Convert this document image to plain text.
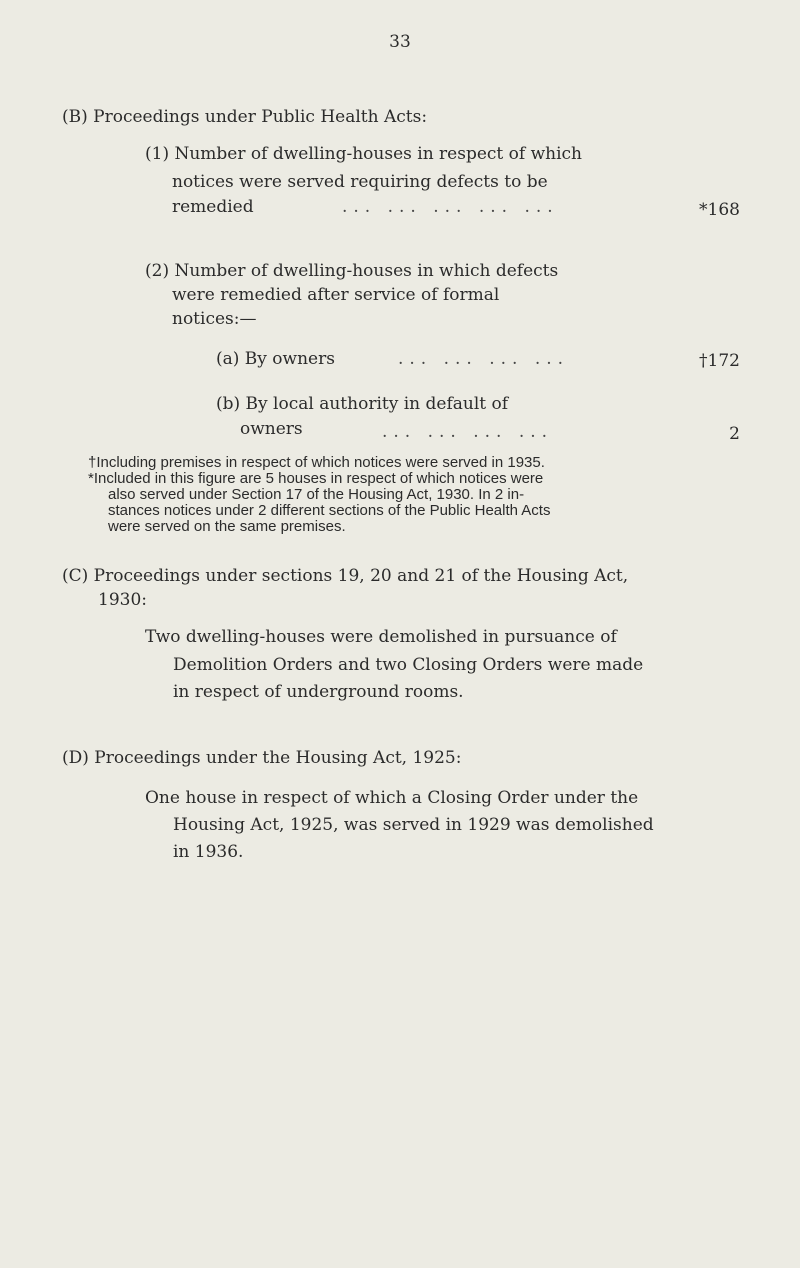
33
(B) Proceedings under Public Health Acts:
(1) Number of dwelling-houses in respect of which
notices were served requiring defects to be
remedied	... ... ... ... ...	*168
(2) Number of dwelling-houses in which defects
were remedied after service of formal
notices:—
(a) By owners	... ... ... ...	†172
(b) By local authority in default of
owners	... ... ... ...	2
†Including premises in respect of which notices were served in 1935.
*Included in this figure are 5 houses in respect of which notices were
also served under Section 17 of the Housing Act, 1930. In 2 in-
stances notices under 2 different sections of the Public Health Acts
were served on the same premises.
(C) Proceedings under sections 19, 20 and 21 of the Housing Act,
1930:
Two dwelling-houses were demolished in pursuance of
Demolition Orders and two Closing Orders were made
in respect of underground rooms.
(D) Proceedings under the Housing Act, 1925:
One house in respect of which a Closing Order under the
Housing Act, 1925, was served in 1929 was demolished
in 1936.
